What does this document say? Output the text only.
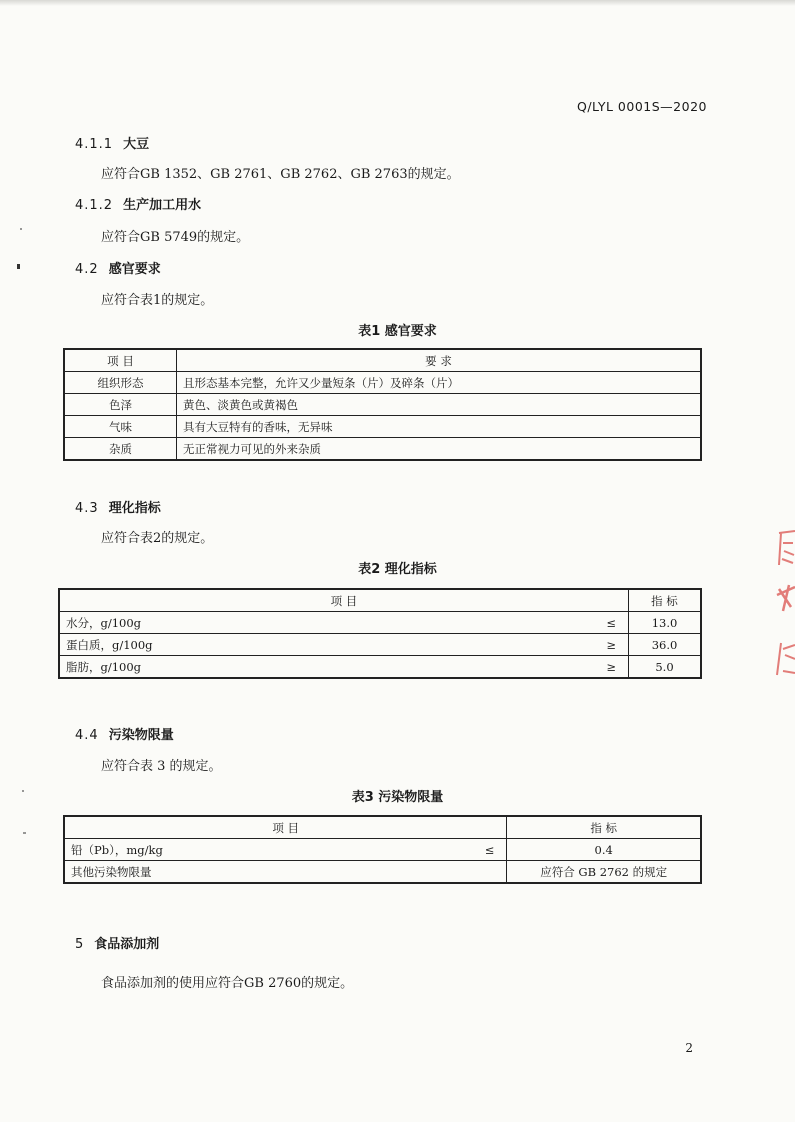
Q/LYL 0001S—2020
4.1.1 大豆
应符合GB 1352、GB 2761、GB 2762、GB 2763的规定。
4.1.2 生产加工用水
应符合GB 5749的规定。
4.2 感官要求
应符合表1的规定。
表1 感官要求
项 目	要 求
组织形态	且形态基本完整，允许又少量短条（片）及碎条（片）
色泽	黄色、淡黄色或黄褐色
气味	具有大豆特有的香味，无异味
杂质	无正常视力可见的外来杂质
4.3 理化指标
应符合表2的规定。
表2 理化指标
项 目		指 标
水分，g/100g	≤	13.0
蛋白质，g/100g	≥	36.0
脂肪，g/100g	≥	5.0
4.4 污染物限量
应符合表 3 的规定。
表3 污染物限量
项 目		指 标
铅（Pb），mg/kg	≤	0.4
其他污染物限量		应符合 GB 2762 的规定
5 食品添加剂
食品添加剂的使用应符合GB 2760的规定。
2
